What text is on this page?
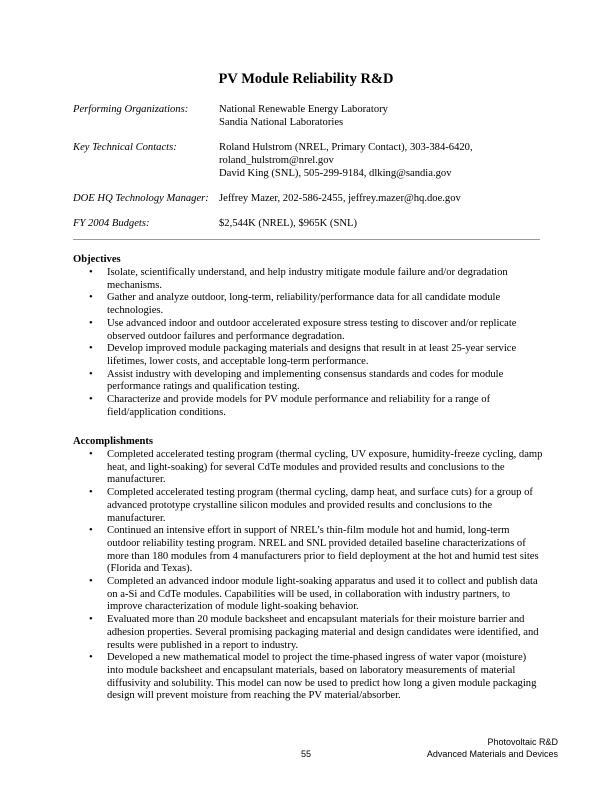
PV Module Reliability R&D
Performing Organizations:	National Renewable Energy Laboratory
Sandia National Laboratories
Key Technical Contacts:	Roland Hulstrom (NREL, Primary Contact), 303-384-6420,
roland_hulstrom@nrel.gov
David King (SNL), 505-299-9184, dlking@sandia.gov
DOE HQ Technology Manager: Jeffrey Mazer, 202-586-2455, jeffrey.mazer@hq.doe.gov
FY 2004 Budgets:	$2,544K (NREL), $965K (SNL)
Objectives
• Isolate, scientifically understand, and help industry mitigate module failure and/or degradation mechanisms.
• Gather and analyze outdoor, long-term, reliability/performance data for all candidate module technologies.
• Use advanced indoor and outdoor accelerated exposure stress testing to discover and/or replicate observed outdoor failures and performance degradation.
• Develop improved module packaging materials and designs that result in at least 25-year service lifetimes, lower costs, and acceptable long-term performance.
• Assist industry with developing and implementing consensus standards and codes for module performance ratings and qualification testing.
• Characterize and provide models for PV module performance and reliability for a range of field/application conditions.
Accomplishments
• Completed accelerated testing program (thermal cycling, UV exposure, humidity-freeze cycling, damp heat, and light-soaking) for several CdTe modules and provided results and conclusions to the manufacturer.
• Completed accelerated testing program (thermal cycling, damp heat, and surface cuts) for a group of advanced prototype crystalline silicon modules and provided results and conclusions to the manufacturer.
• Continued an intensive effort in support of NREL’s thin-film module hot and humid, long-term outdoor reliability testing program. NREL and SNL provided detailed baseline characterizations of more than 180 modules from 4 manufacturers prior to field deployment at the hot and humid test sites (Florida and Texas).
• Completed an advanced indoor module light-soaking apparatus and used it to collect and publish data on a-Si and CdTe modules. Capabilities will be used, in collaboration with industry partners, to improve characterization of module light-soaking behavior.
• Evaluated more than 20 module backsheet and encapsulant materials for their moisture barrier and adhesion properties. Several promising packaging material and design candidates were identified, and results were published in a report to industry.
• Developed a new mathematical model to project the time-phased ingress of water vapor (moisture) into module backsheet and encapsulant materials, based on laboratory measurements of material diffusivity and solubility. This model can now be used to predict how long a given module packaging design will prevent moisture from reaching the PV material/absorber.
55
Photovoltaic R&D
Advanced Materials and Devices
